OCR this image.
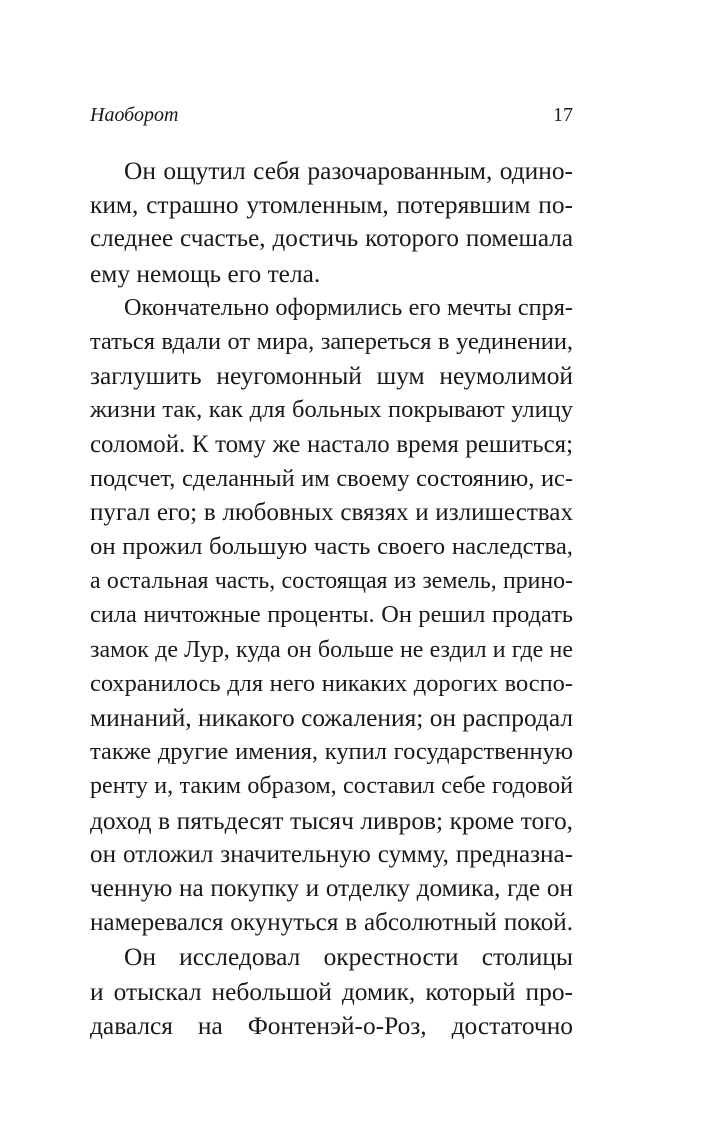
Наоборот	17
Он ощутил себя разочарованным, одино-
ким, страшно утомленным, потерявшим по-
следнее счастье, достичь которого помешала
ему немощь его тела.
Окончательно оформились его мечты спря-
таться вдали от мира, запереться в уединении,
заглушить неугомонный шум неумолимой
жизни так, как для больных покрывают улицу
соломой. К тому же настало время решиться;
подсчет, сделанный им своему состоянию, ис-
пугал его; в любовных связях и излишествах
он прожил большую часть своего наследства,
а остальная часть, состоящая из земель, прино-
сила ничтожные проценты. Он решил продать
замок де Лур, куда он больше не ездил и где не
сохранилось для него никаких дорогих воспо-
минаний, никакого сожаления; он распродал
также другие имения, купил государственную
ренту и, таким образом, составил себе годовой
доход в пятьдесят тысяч ливров; кроме того,
он отложил значительную сумму, предназна-
ченную на покупку и отделку домика, где он
намеревался окунуться в абсолютный покой.
Он исследовал окрестности столицы
и отыскал небольшой домик, который про-
давался на Фонтенэй-о-Роз, достаточно
